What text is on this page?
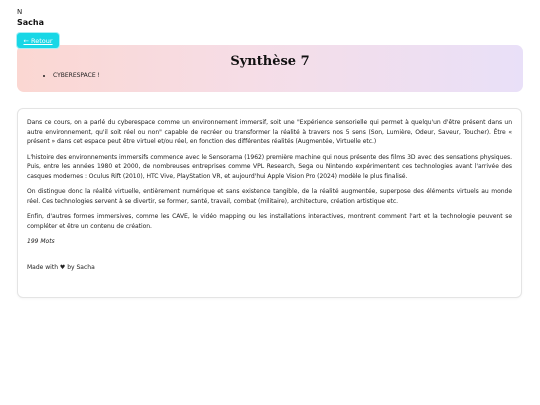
N
Sacha
Synthèse 7
• CYBERESPACE !
← Retour

Dans ce cours, on a parlé du cyberespace comme un environnement immersif, soit une "Expérience sensorielle qui permet à quelqu'un d'être présent dans un autre environnement, qu'il soit réel ou non" capable de recréer ou transformer la réalité à travers nos 5 sens (Son, Lumière, Odeur, Saveur, Toucher). Être « présent » dans cet espace peut être virtuel et/ou réel, en fonction des différentes réalités (Augmentée, Virtuelle etc.)

L'histoire des environnements immersifs commence avec le Sensorama (1962) première machine qui nous présente des films 3D avec des sensations physiques. Puis, entre les années 1980 et 2000, de nombreuses entreprises comme VPL Research, Sega ou Nintendo expérimentent ces technologies avant l'arrivée des casques modernes : Oculus Rift (2010), HTC Vive, PlayStation VR, et aujourd'hui Apple Vision Pro (2024) modèle le plus finalisé.

On distingue donc la réalité virtuelle, entièrement numérique et sans existence tangible, de la réalité augmentée, superpose des éléments virtuels au monde réel. Ces technologies servent à se divertir, se former, santé, travail, combat (militaire), architecture, création artistique etc.

Enfin, d'autres formes immersives, comme les CAVE, le vidéo mapping ou les installations interactives, montrent comment l'art et la technologie peuvent se compléter et être un contenu de création.

199 Mots

Made with ♥ by Sacha
